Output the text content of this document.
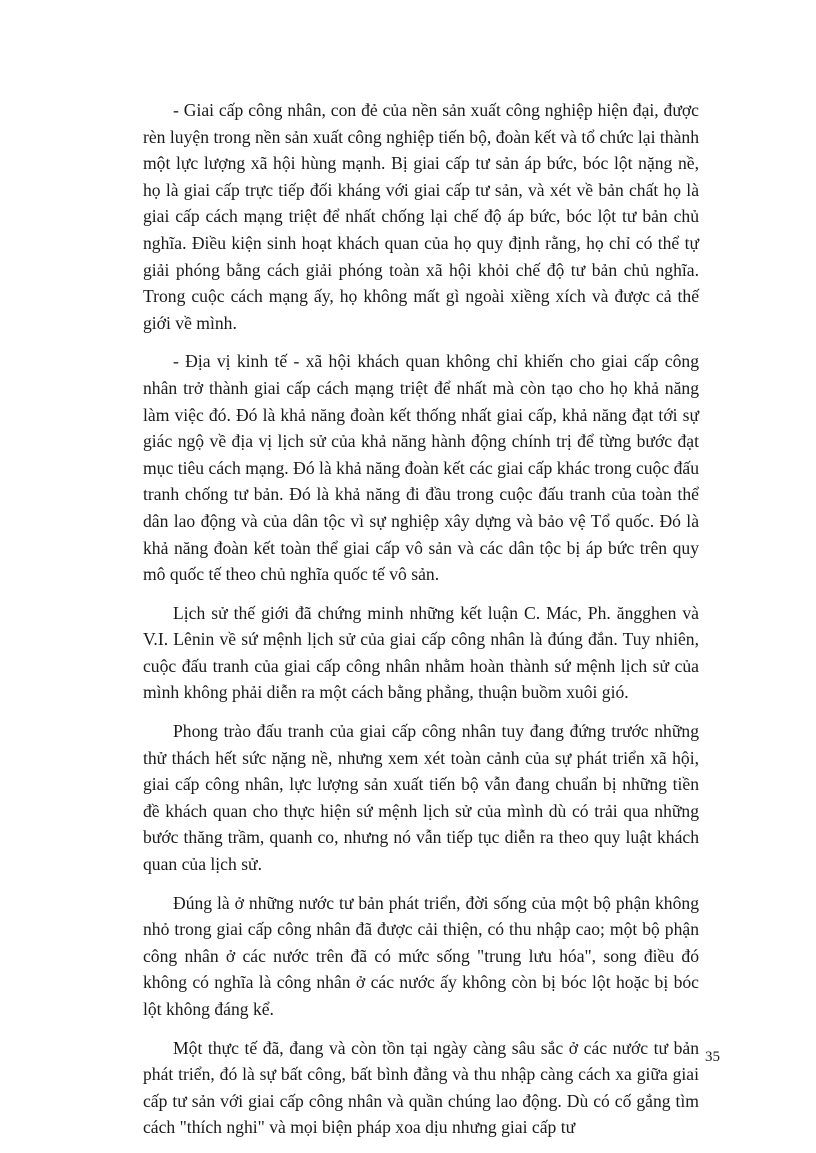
- Giai cấp công nhân, con đẻ của nền sản xuất công nghiệp hiện đại, được rèn luyện trong nền sản xuất công nghiệp tiến bộ, đoàn kết và tổ chức lại thành một lực lượng xã hội hùng mạnh. Bị giai cấp tư sản áp bức, bóc lột nặng nề, họ là giai cấp trực tiếp đối kháng với giai cấp tư sản, và xét về bản chất họ là giai cấp cách mạng triệt để nhất chống lại chế độ áp bức, bóc lột tư bản chủ nghĩa. Điều kiện sinh hoạt khách quan của họ quy định rằng, họ chỉ có thể tự giải phóng bằng cách giải phóng toàn xã hội khỏi chế độ tư bản chủ nghĩa. Trong cuộc cách mạng ấy, họ không mất gì ngoài xiềng xích và được cả thế giới về mình.

- Địa vị kinh tế - xã hội khách quan không chỉ khiến cho giai cấp công nhân trở thành giai cấp cách mạng triệt để nhất mà còn tạo cho họ khả năng làm việc đó. Đó là khả năng đoàn kết thống nhất giai cấp, khả năng đạt tới sự giác ngộ về địa vị lịch sử của khả năng hành động chính trị để từng bước đạt mục tiêu cách mạng. Đó là khả năng đoàn kết các giai cấp khác trong cuộc đấu tranh chống tư bản. Đó là khả năng đi đầu trong cuộc đấu tranh của toàn thể dân lao động và của dân tộc vì sự nghiệp xây dựng và bảo vệ Tổ quốc. Đó là khả năng đoàn kết toàn thể giai cấp vô sản và các dân tộc bị áp bức trên quy mô quốc tế theo chủ nghĩa quốc tế vô sản.

Lịch sử thế giới đã chứng minh những kết luận C. Mác, Ph. ăngghen và V.I. Lênin về sứ mệnh lịch sử của giai cấp công nhân là đúng đắn. Tuy nhiên, cuộc đấu tranh của giai cấp công nhân nhằm hoàn thành sứ mệnh lịch sử của mình không phải diễn ra một cách bằng phẳng, thuận buồm xuôi gió.

Phong trào đấu tranh của giai cấp công nhân tuy đang đứng trước những thử thách hết sức nặng nề, nhưng xem xét toàn cảnh của sự phát triển xã hội, giai cấp công nhân, lực lượng sản xuất tiến bộ vẫn đang chuẩn bị những tiền đề khách quan cho thực hiện sứ mệnh lịch sử của mình dù có trải qua những bước thăng trầm, quanh co, nhưng nó vẫn tiếp tục diễn ra theo quy luật khách quan của lịch sử.

Đúng là ở những nước tư bản phát triển, đời sống của một bộ phận không nhỏ trong giai cấp công nhân đã được cải thiện, có thu nhập cao; một bộ phận công nhân ở các nước trên đã có mức sống "trung lưu hóa", song điều đó không có nghĩa là công nhân ở các nước ấy không còn bị bóc lột hoặc bị bóc lột không đáng kể.

Một thực tế đã, đang và còn tồn tại ngày càng sâu sắc ở các nước tư bản phát triển, đó là sự bất công, bất bình đẳng và thu nhập càng cách xa giữa giai cấp tư sản với giai cấp công nhân và quần chúng lao động. Dù có cố gắng tìm cách "thích nghi" và mọi biện pháp xoa dịu nhưng giai cấp tư

35
